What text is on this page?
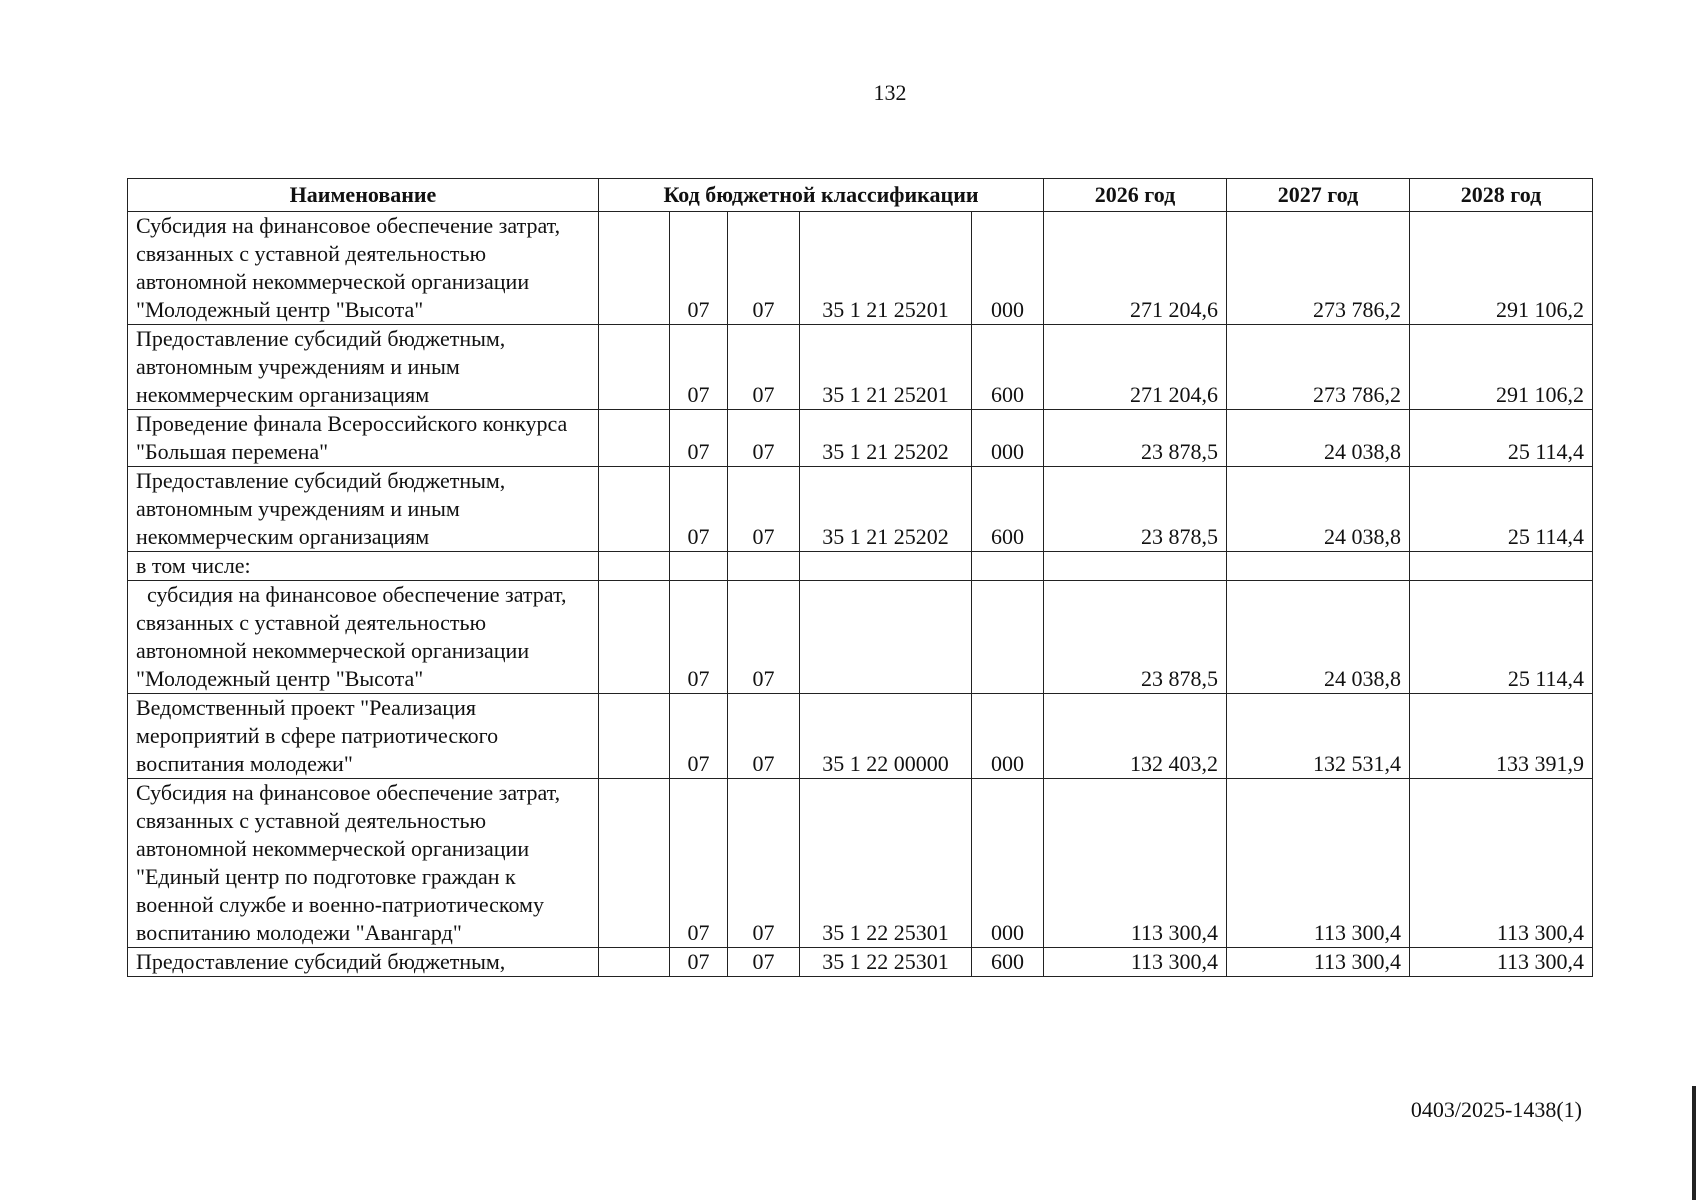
132
Наименование	Код бюджетной классификации					2026 год	2027 год	2028 год
Субсидия на финансовое обеспечение затрат, связанных с уставной деятельностью автономной некоммерческой организации "Молодежный центр "Высота"		07	07	35 1 21 25201	000	271 204,6	273 786,2	291 106,2
Предоставление субсидий бюджетным, автономным учреждениям и иным некоммерческим организациям		07	07	35 1 21 25201	600	271 204,6	273 786,2	291 106,2
Проведение финала Всероссийского конкурса "Большая перемена"		07	07	35 1 21 25202	000	23 878,5	24 038,8	25 114,4
Предоставление субсидий бюджетным, автономным учреждениям и иным некоммерческим организациям		07	07	35 1 21 25202	600	23 878,5	24 038,8	25 114,4
в том числе:								
субсидия на финансовое обеспечение затрат, связанных с уставной деятельностью автономной некоммерческой организации "Молодежный центр "Высота"		07	07			23 878,5	24 038,8	25 114,4
Ведомственный проект "Реализация мероприятий в сфере патриотического воспитания молодежи"		07	07	35 1 22 00000	000	132 403,2	132 531,4	133 391,9
Субсидия на финансовое обеспечение затрат, связанных с уставной деятельностью автономной некоммерческой организации "Единый центр по подготовке граждан к военной службе и военно-патриотическому воспитанию молодежи "Авангард"		07	07	35 1 22 25301	000	113 300,4	113 300,4	113 300,4
Предоставление субсидий бюджетным,		07	07	35 1 22 25301	600	113 300,4	113 300,4	113 300,4
0403/2025-1438(1)
